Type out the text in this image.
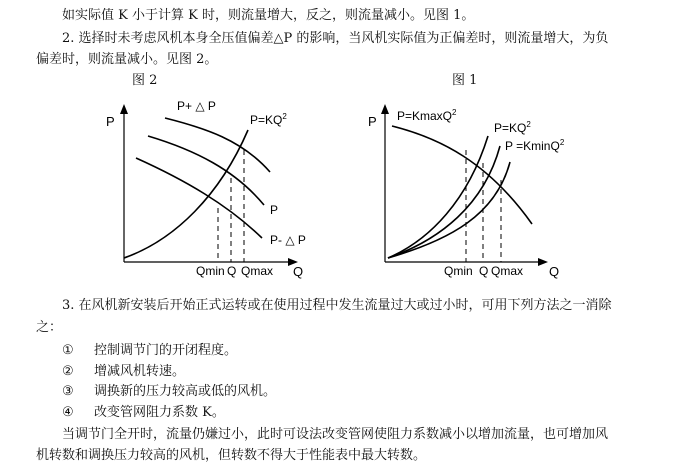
如实际值 K 小于计算 K 时，则流量增大，反之，则流量减小。见图 1。
2. 选择时未考虑风机本身全压值偏差△P 的影响，当风机实际值为正偏差时，则流量增大，为负
偏差时，则流量减小。见图 2。
图 2	图 1
P
Q
P+ △ P
$P=KQ^2$
P
P- △ P
Qmin Q Qmax
P
Q
P=KmaxQ$^2$
$P=KQ^2$
P =KminQ$^2$
Qmin Q Qmax
3. 在风机新安装后开始正式运转或在使用过程中发生流量过大或过小时，可用下列方法之一消除
之：
① 控制调节门的开闭程度。
② 增减风机转速。
③ 调换新的压力较高或低的风机。
④ 改变管网阻力系数 K。
当调节门全开时，流量仍嫌过小，此时可设法改变管网使阻力系数减小以增加流量，也可增加风
机转数和调换压力较高的风机，但转数不得大于性能表中最大转数。
